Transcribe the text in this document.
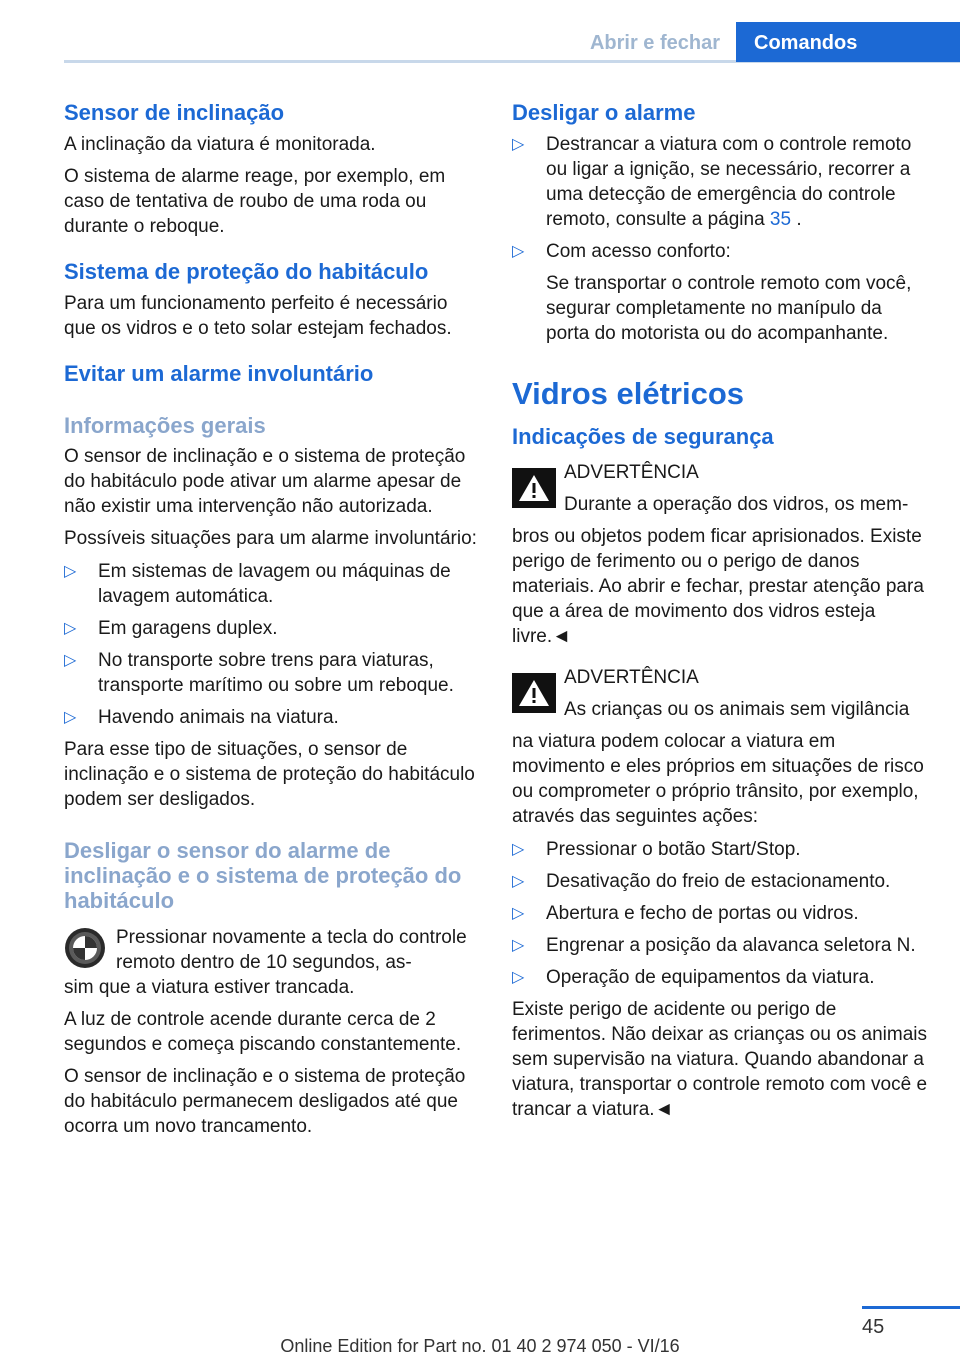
Abrir e fechar	Comandos
Sensor de inclinação

A inclinação da viatura é monitorada.

O sistema de alarme reage, por exemplo, em caso de tentativa de roubo de uma roda ou durante o reboque.

Sistema de proteção do habitáculo

Para um funcionamento perfeito é necessário que os vidros e o teto solar estejam fechados.

Evitar um alarme involuntário
Informações gerais

O sensor de inclinação e o sistema de proteção do habitáculo pode ativar um alarme apesar de não existir uma intervenção não autorizada.

Possíveis situações para um alarme involuntário:

▷ Em sistemas de lavagem ou máquinas de lavagem automática.
▷ Em garagens duplex.
▷ No transporte sobre trens para viaturas, transporte marítimo ou sobre um reboque.
▷ Havendo animais na viatura.

Para esse tipo de situações, o sensor de inclinação e o sistema de proteção do habitáculo podem ser desligados.

Desligar o sensor do alarme de inclinação e o sistema de proteção do habitáculo
Pressionar novamente a tecla do controle remoto dentro de 10 segundos, as-
sim que a viatura estiver trancada.

A luz de controle acende durante cerca de 2 segundos e começa piscando constantemente.

O sensor de inclinação e o sistema de proteção do habitáculo permanecem desligados até que ocorra um novo trancamento.

Desligar o alarme
▷ Destrancar a viatura com o controle remoto ou ligar a ignição, se necessário, recorrer a uma detecção de emergência do controle remoto, consulte a página 35 .
▷ Com acesso conforto:
Se transportar o controle remoto com você, segurar completamente no manípulo da porta do motorista ou do acompanhante.
Vidros elétricos
Indicações de segurança
ADVERTÊNCIA
Durante a operação dos vidros, os mem-
bros ou objetos podem ficar aprisionados. Existe perigo de ferimento ou o perigo de danos materiais. Ao abrir e fechar, prestar atenção para que a área de movimento dos vidros esteja livre.◄
ADVERTÊNCIA
As crianças ou os animais sem vigilância
na viatura podem colocar a viatura em movimento e eles próprios em situações de risco ou comprometer o próprio trânsito, por exemplo, através das seguintes ações:
▷ Pressionar o botão Start/Stop.
▷ Desativação do freio de estacionamento.
▷ Abertura e fecho de portas ou vidros.
▷ Engrenar a posição da alavanca seletora N.
▷ Operação de equipamentos da viatura.

Existe perigo de acidente ou perigo de ferimentos. Não deixar as crianças ou os animais sem supervisão na viatura. Quando abandonar a viatura, transportar o controle remoto com você e trancar a viatura.◄

45
Online Edition for Part no. 01 40 2 974 050 - VI/16
